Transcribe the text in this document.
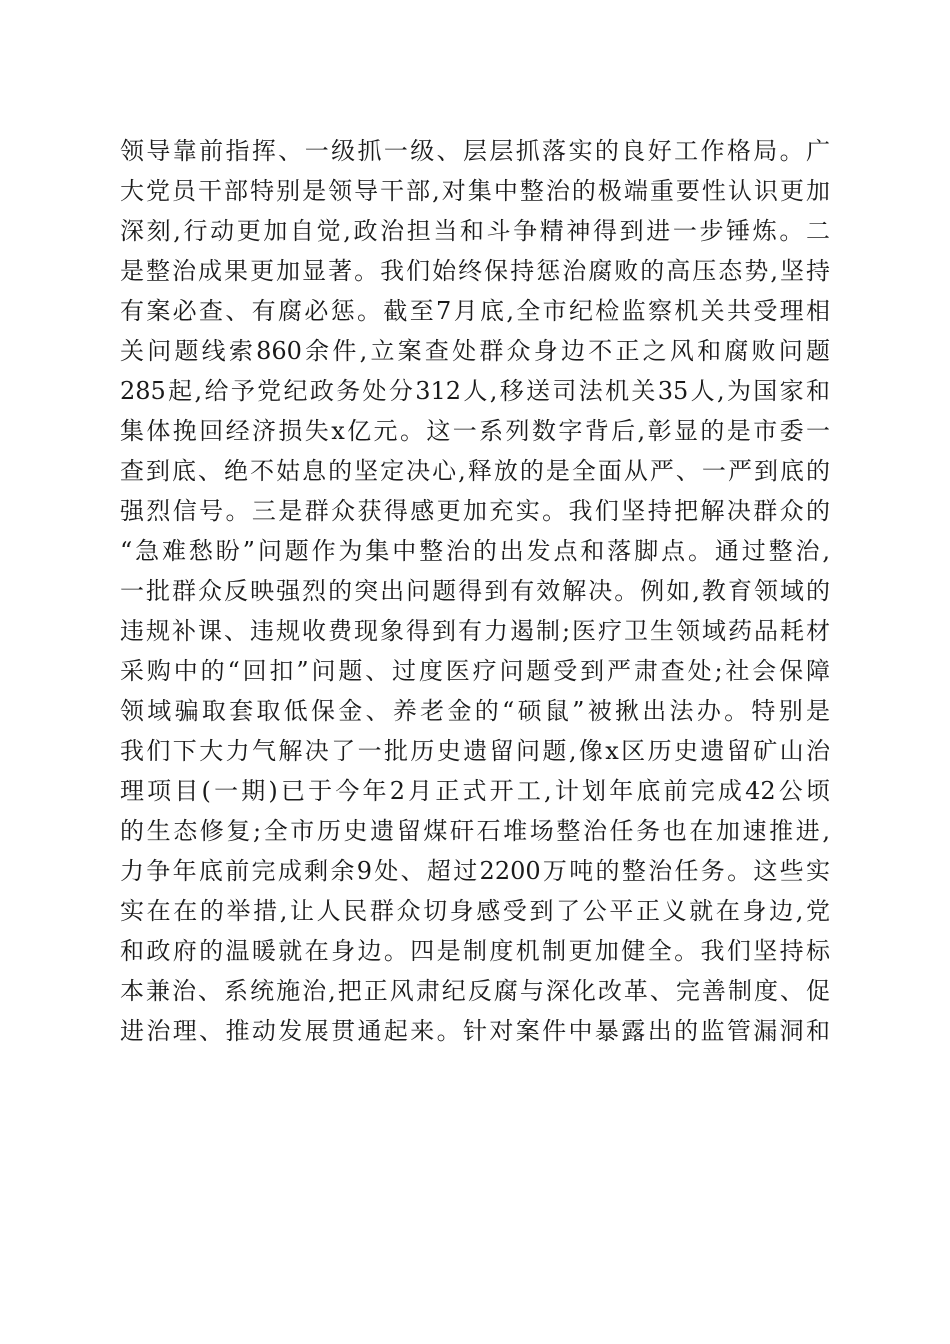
领导靠前指挥、一级抓一级、层层抓落实的良好工作格局。广
大党员干部特别是领导干部,对集中整治的极端重要性认识更加
深刻,行动更加自觉,政治担当和斗争精神得到进一步锤炼。二
是整治成果更加显著。我们始终保持惩治腐败的高压态势,坚持
有案必查、有腐必惩。截至7月底,全市纪检监察机关共受理相
关问题线索860余件,立案查处群众身边不正之风和腐败问题
285起,给予党纪政务处分312人,移送司法机关35人,为国家和
集体挽回经济损失x亿元。这一系列数字背后,彰显的是市委一
查到底、绝不姑息的坚定决心,释放的是全面从严、一严到底的
强烈信号。三是群众获得感更加充实。我们坚持把解决群众的
“急难愁盼”问题作为集中整治的出发点和落脚点。通过整治,
一批群众反映强烈的突出问题得到有效解决。例如,教育领域的
违规补课、违规收费现象得到有力遏制;医疗卫生领域药品耗材
采购中的“回扣”问题、过度医疗问题受到严肃查处;社会保障
领域骗取套取低保金、养老金的“硕鼠”被揪出法办。特别是
我们下大力气解决了一批历史遗留问题,像x区历史遗留矿山治
理项目(一期)已于今年2月正式开工,计划年底前完成42公顷
的生态修复;全市历史遗留煤矸石堆场整治任务也在加速推进,
力争年底前完成剩余9处、超过2200万吨的整治任务。这些实
实在在的举措,让人民群众切身感受到了公平正义就在身边,党
和政府的温暖就在身边。四是制度机制更加健全。我们坚持标
本兼治、系统施治,把正风肃纪反腐与深化改革、完善制度、促
进治理、推动发展贯通起来。针对案件中暴露出的监管漏洞和
